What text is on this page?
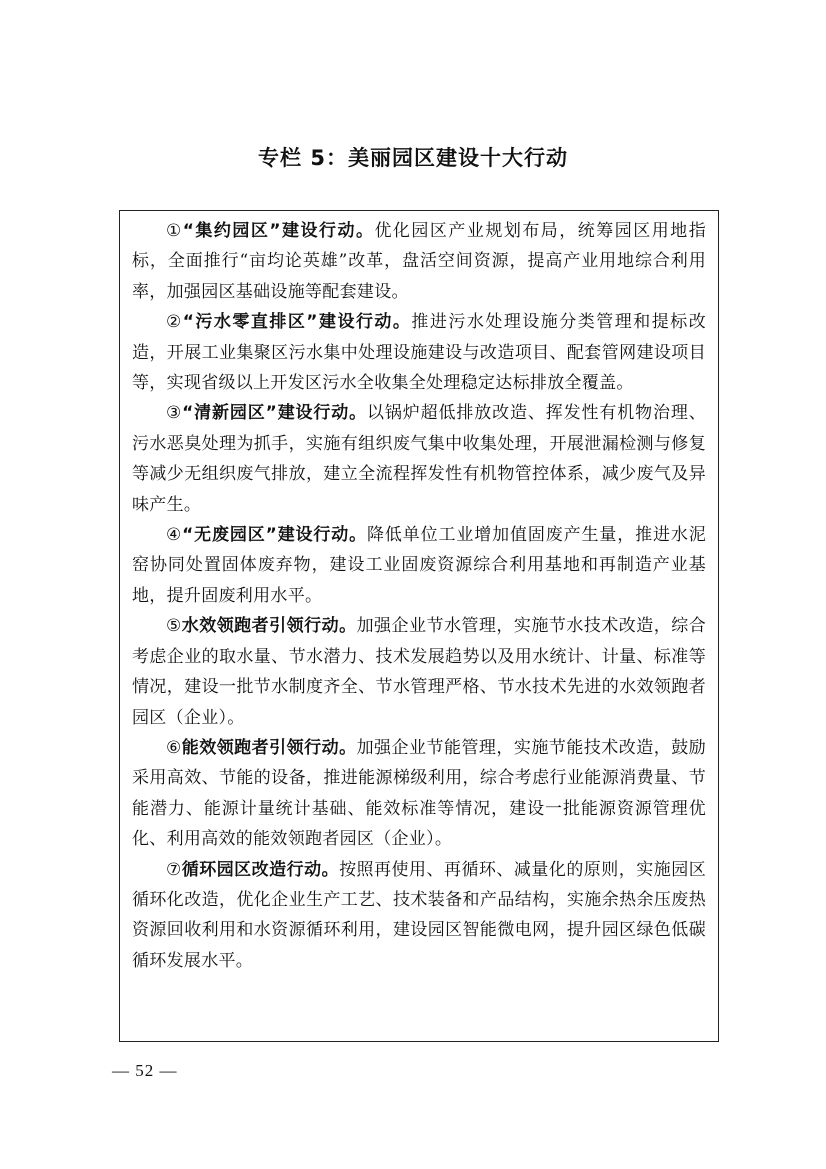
专栏 5：美丽园区建设十大行动

①“集约园区”建设行动。优化园区产业规划布局，统筹园区用地指标，全面推行“亩均论英雄”改革，盘活空间资源，提高产业用地综合利用率，加强园区基础设施等配套建设。

②“污水零直排区”建设行动。推进污水处理设施分类管理和提标改造，开展工业集聚区污水集中处理设施建设与改造项目、配套管网建设项目等，实现省级以上开发区污水全收集全处理稳定达标排放全覆盖。

③“清新园区”建设行动。以锅炉超低排放改造、挥发性有机物治理、污水恶臭处理为抓手，实施有组织废气集中收集处理，开展泄漏检测与修复等减少无组织废气排放，建立全流程挥发性有机物管控体系，减少废气及异味产生。

④“无废园区”建设行动。降低单位工业增加值固废产生量，推进水泥窑协同处置固体废弃物，建设工业固废资源综合利用基地和再制造产业基地，提升固废利用水平。

⑤水效领跑者引领行动。加强企业节水管理，实施节水技术改造，综合考虑企业的取水量、节水潜力、技术发展趋势以及用水统计、计量、标准等情况，建设一批节水制度齐全、节水管理严格、节水技术先进的水效领跑者园区（企业）。

⑥能效领跑者引领行动。加强企业节能管理，实施节能技术改造，鼓励采用高效、节能的设备，推进能源梯级利用，综合考虑行业能源消费量、节能潜力、能源计量统计基础、能效标准等情况，建设一批能源资源管理优化、利用高效的能效领跑者园区（企业）。

⑦循环园区改造行动。按照再使用、再循环、减量化的原则，实施园区循环化改造，优化企业生产工艺、技术装备和产品结构，实施余热余压废热资源回收利用和水资源循环利用，建设园区智能微电网，提升园区绿色低碳循环发展水平。

— 52 —
